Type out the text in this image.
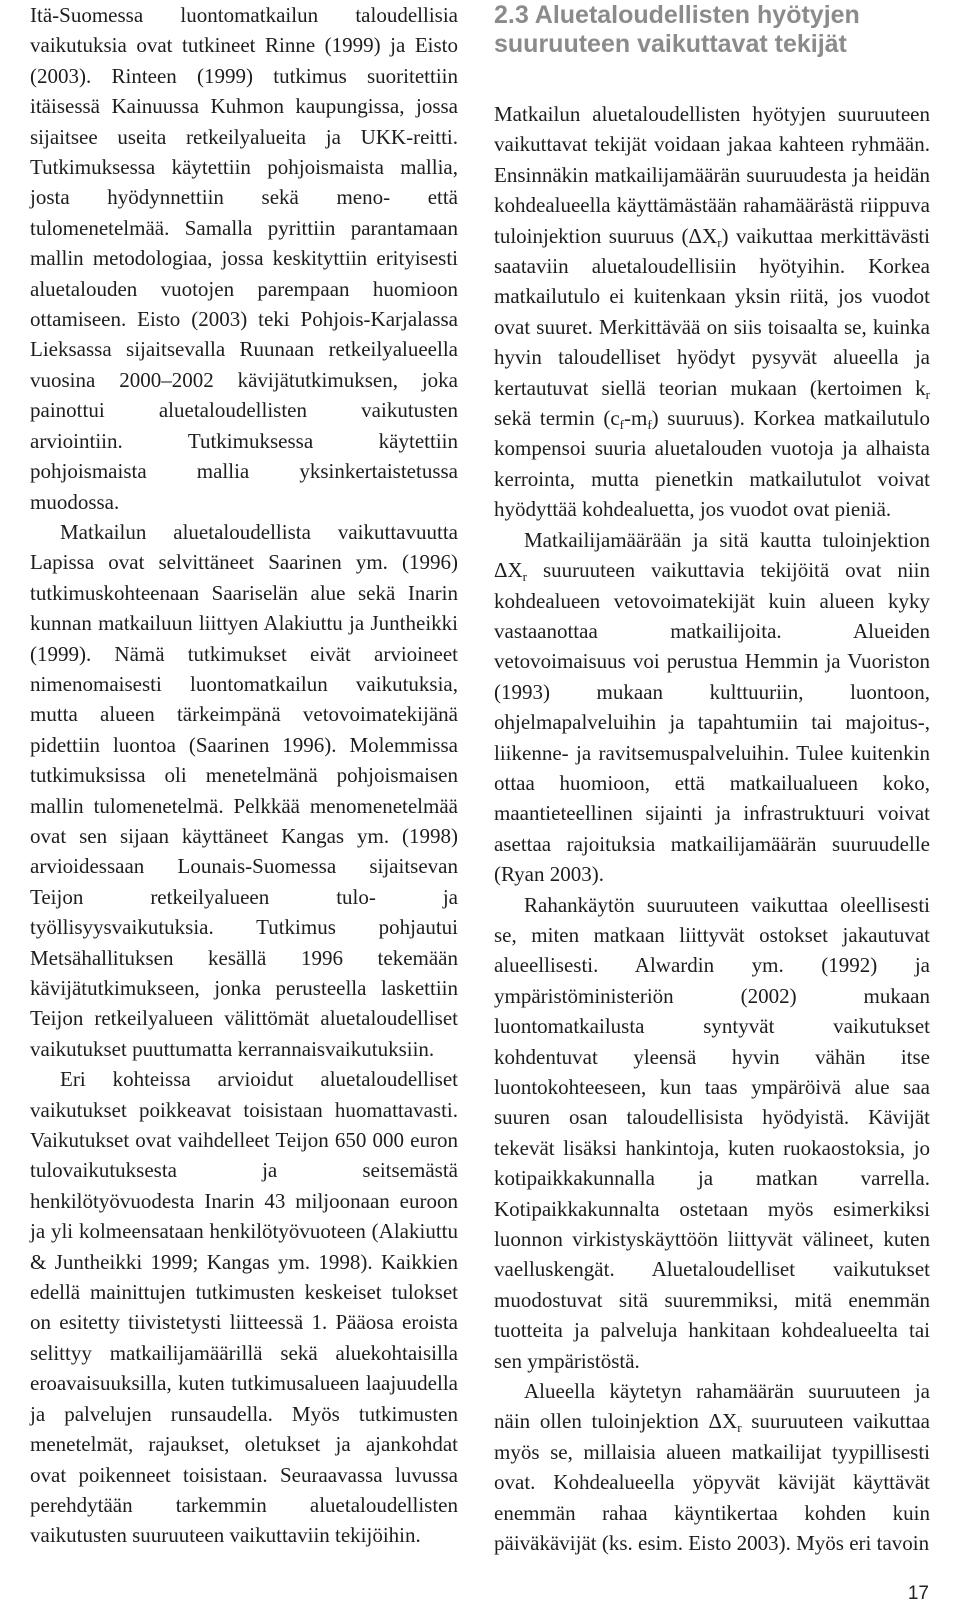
Itä-Suomessa luontomatkailun taloudellisia vaikutuksia ovat tutkineet Rinne (1999) ja Eisto (2003). Rinteen (1999) tutkimus suoritettiin itäisessä Kainuussa Kuhmon kaupungissa, jossa sijaitsee useita retkeilyalueita ja UKK-reitti. Tutkimuksessa käytettiin pohjoismaista mallia, josta hyödynnettiin sekä meno- että tulomenetelmää. Samalla pyrittiin parantamaan mallin metodologiaa, jossa keskityttiin erityisesti aluetalouden vuotojen parempaan huomioon ottamiseen. Eisto (2003) teki Pohjois-Karjalassa Lieksassa sijaitsevalla Ruunaan retkeilyalueella vuosina 2000–2002 kävijätutkimuksen, joka painottui aluetaloudellisten vaikutusten arviointiin. Tutkimuksessa käytettiin pohjoismaista mallia yksinkertaistetussa muodossa.

Matkailun aluetaloudellista vaikuttavuutta Lapissa ovat selvittäneet Saarinen ym. (1996) tutkimuskohteenaan Saariselän alue sekä Inarin kunnan matkailuun liittyen Alakiuttu ja Juntheikki (1999). Nämä tutkimukset eivät arvioineet nimenomaisesti luontomatkailun vaikutuksia, mutta alueen tärkeimpänä vetovoimatekijänä pidettiin luontoa (Saarinen 1996). Molemmissa tutkimuksissa oli menetelmänä pohjoismaisen mallin tulomenetelmä. Pelkkää menomenetelmää ovat sen sijaan käyttäneet Kangas ym. (1998) arvioidessaan Lounais-Suomessa sijaitsevan Teijon retkeilyalueen tulo- ja työllisyysvaikutuksia. Tutkimus pohjautui Metsähallituksen kesällä 1996 tekemään kävijätutkimukseen, jonka perusteella laskettiin Teijon retkeilyalueen välittömät aluetaloudelliset vaikutukset puuttumatta kerrannaisvaikutuksiin.

Eri kohteissa arvioidut aluetaloudelliset vaikutukset poikkeavat toisistaan huomattavasti. Vaikutukset ovat vaihdelleet Teijon 650 000 euron tulovaikutuksesta ja seitsemästä henkilötyövuodesta Inarin 43 miljoonaan euroon ja yli kolmeensataan henkilötyövuoteen (Alakiuttu & Juntheikki 1999; Kangas ym. 1998). Kaikkien edellä mainittujen tutkimusten keskeiset tulokset on esitetty tiivistetysti liitteessä 1. Pääosa eroista selittyy matkailijamäärillä sekä aluekohtaisilla eroavaisuuksilla, kuten tutkimusalueen laajuudella ja palvelujen runsaudella. Myös tutkimusten menetelmät, rajaukset, oletukset ja ajankohdat ovat poikenneet toisistaan. Seuraavassa luvussa perehdytään tarkemmin aluetaloudellisten vaikutusten suuruuteen vaikuttaviin tekijöihin.

2.3 Aluetaloudellisten hyötyjen suuruuteen vaikuttavat tekijät

Matkailun aluetaloudellisten hyötyjen suuruuteen vaikuttavat tekijät voidaan jakaa kahteen ryhmään. Ensinnäkin matkailijamäärän suuruudesta ja heidän kohdealueella käyttämästään rahamäärästä riippuva tuloinjektion suuruus $(\Delta X_r)$ vaikuttaa merkittävästi saataviin aluetaloudellisiin hyötyihin. Korkea matkailutulo ei kuitenkaan yksin riitä, jos vuodot ovat suuret. Merkittävää on siis toisaalta se, kuinka hyvin taloudelliset hyödyt pysyvät alueella ja kertautuvat siellä teorian mukaan (kertoimen $k_r$ sekä termin $(c_f-m_f)$ suuruus). Korkea matkailutulo kompensoi suuria aluetalouden vuotoja ja alhaista kerrointa, mutta pienetkin matkailutulot voivat hyödyttää kohdealuetta, jos vuodot ovat pieniä.

Matkailijamäärään ja sitä kautta tuloinjektion $\Delta X_r$ suuruuteen vaikuttavia tekijöitä ovat niin kohdealueen vetovoimatekijät kuin alueen kyky vastaanottaa matkailijoita. Alueiden vetovoimaisuus voi perustua Hemmin ja Vuoriston (1993) mukaan kulttuuriin, luontoon, ohjelmapalveluihin ja tapahtumiin tai majoitus-, liikenne- ja ravitsemuspalveluihin. Tulee kuitenkin ottaa huomioon, että matkailualueen koko, maantieteellinen sijainti ja infrastruktuuri voivat asettaa rajoituksia matkailijamäärän suuruudelle (Ryan 2003).

Rahankäytön suuruuteen vaikuttaa oleellisesti se, miten matkaan liittyvät ostokset jakautuvat alueellisesti. Alwardin ym. (1992) ja ympäristöministeriön (2002) mukaan luontomatkailusta syntyvät vaikutukset kohdentuvat yleensä hyvin vähän itse luontokohteeseen, kun taas ympäröivä alue saa suuren osan taloudellisista hyödyistä. Kävijät tekevät lisäksi hankintoja, kuten ruokaostoksia, jo kotipaikkakunnalla ja matkan varrella. Kotipaikkakunnalta ostetaan myös esimerkiksi luonnon virkistyskäyttöön liittyvät välineet, kuten vaelluskengät. Aluetaloudelliset vaikutukset muodostuvat sitä suuremmiksi, mitä enemmän tuotteita ja palveluja hankitaan kohdealueelta tai sen ympäristöstä.

Alueella käytetyn rahamäärän suuruuteen ja näin ollen tuloinjektion $\Delta X_r$ suuruuteen vaikuttaa myös se, millaisia alueen matkailijat tyypillisesti ovat. Kohdealueella yöpyvät kävijät käyttävät enemmän rahaa käyntikertaa kohden kuin päiväkävijät (ks. esim. Eisto 2003). Myös eri tavoin

17
